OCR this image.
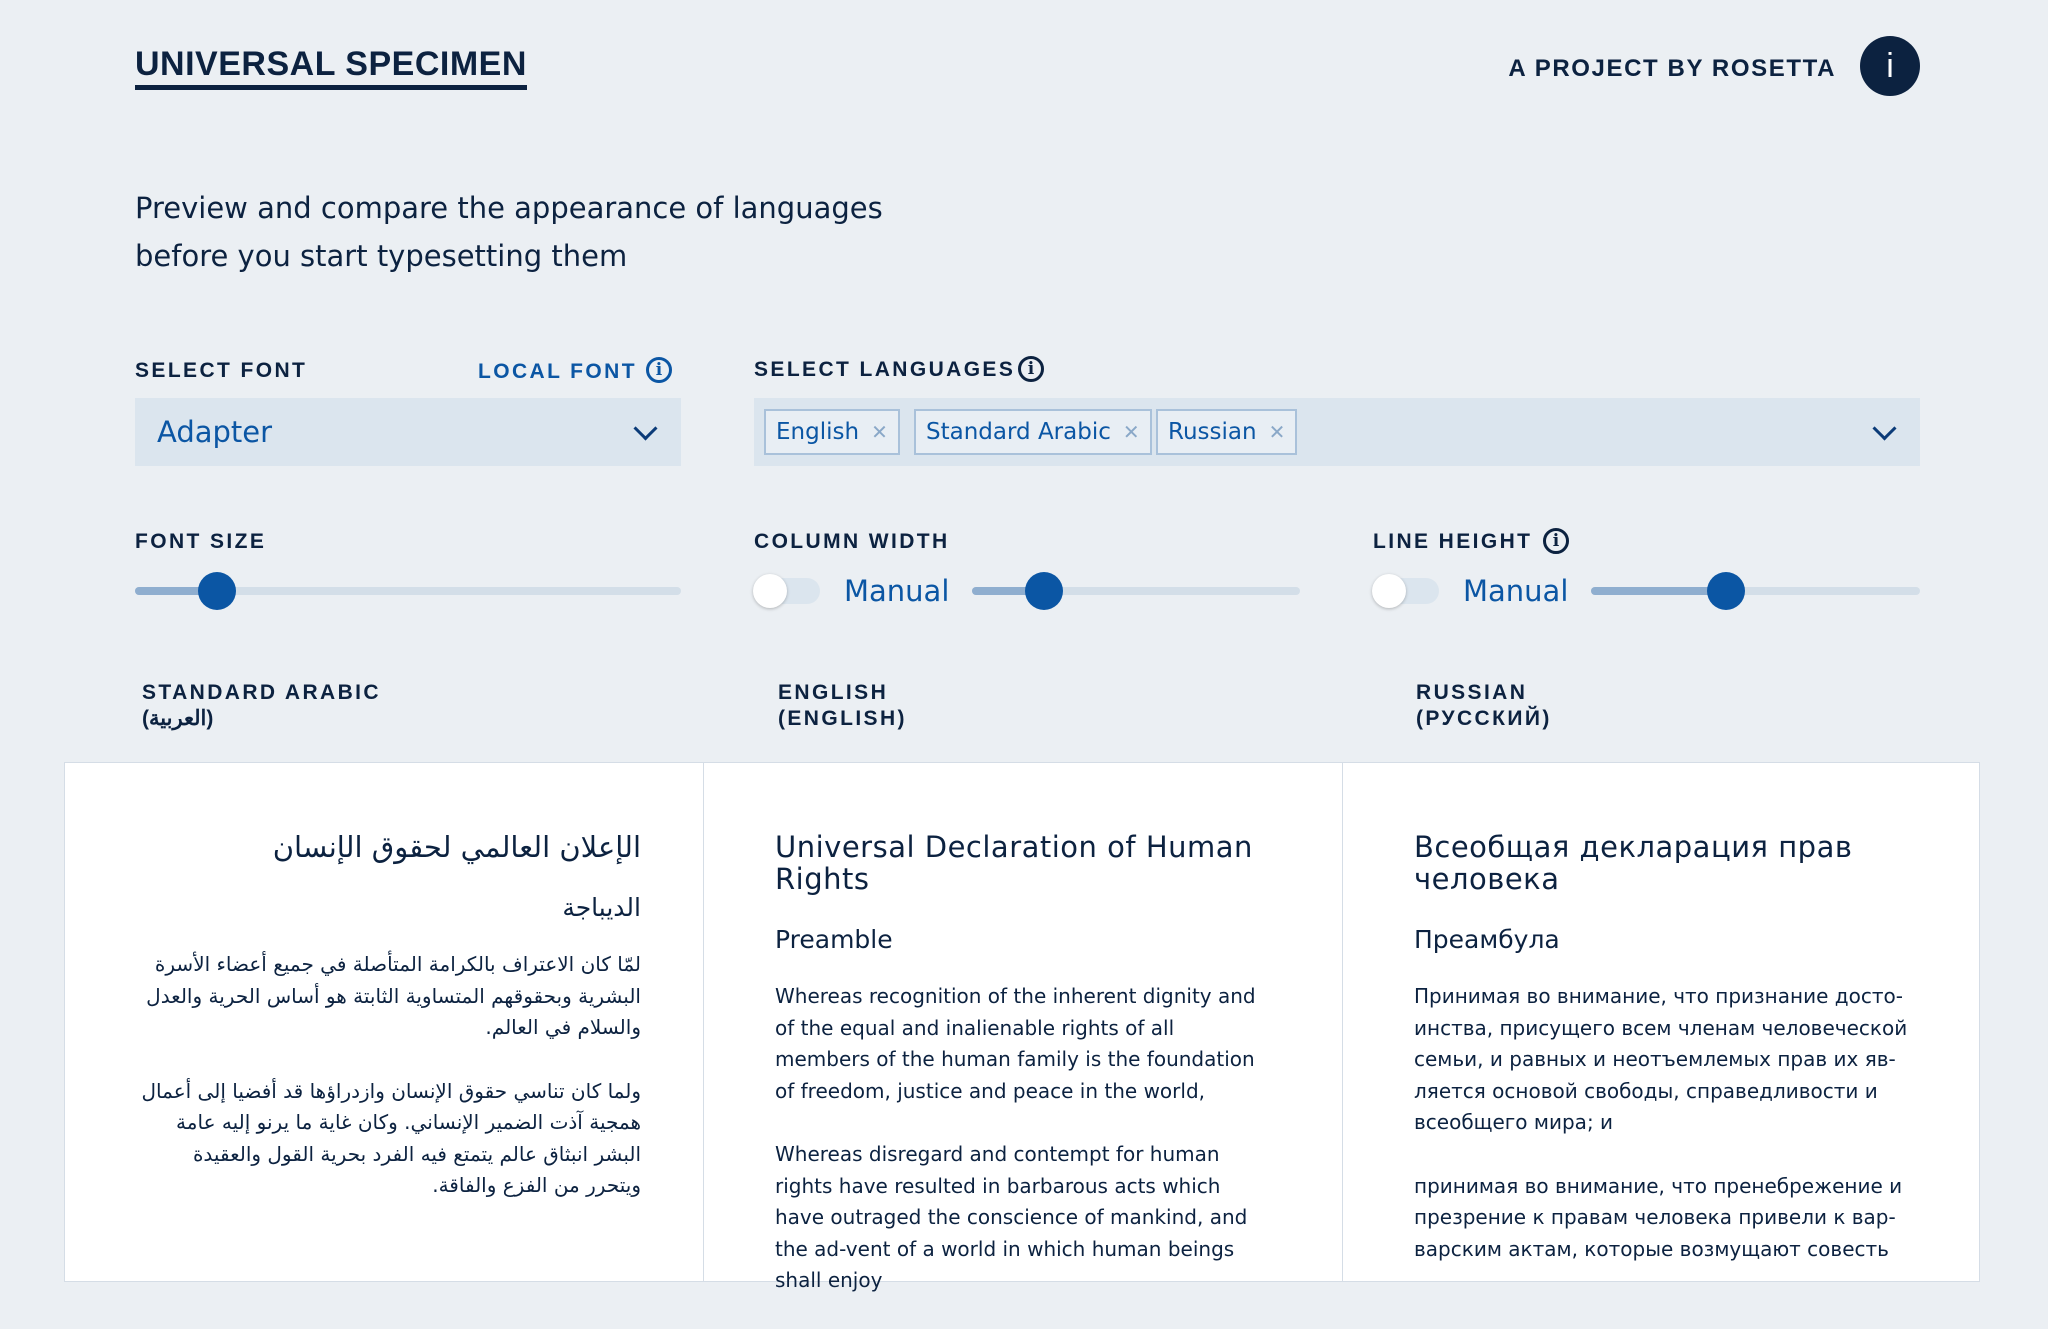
UNIVERSAL SPECIMEN	A PROJECT BY ROSETTA i
Preview and compare the appearance of languages
before you start typesetting them
SELECT FONT	LOCAL FONT	i
Adapter
SELECT LANGUAGES i
English ✕ Standard Arabic ✕ Russian ✕
FONT SIZE	COLUMN WIDTH
Manual
LINE HEIGHT	i
Manual
STANDARD ARABIC
(العربية)
ENGLISH
(ENGLISH)
RUSSIAN
(РУССКИЙ)
الإعلان العالمي لحقوق الإنسان
الديباجة

لمّا كان الاعتراف بالكرامة المتأصلة في جميع أعضاء الأسرة البشرية وبحقوقهم المتساوية الثابتة هو أساس الحرية والعدل والسلام في العالم.

ولما كان تناسي حقوق الإنسان وازدراؤها قد أفضيا إلى أعمال همجية آذت الضمير الإنساني. وكان غاية ما يرنو إليه عامة البشر انبثاق عالم يتمتع فيه الفرد بحرية القول والعقيدة ويتحرر من الفزع والفاقة.

Universal Declaration of Human Rights
Preamble

Whereas recognition of the inherent dignity and of the equal and inalienable rights of all members of the human family is the foundation of freedom, justice and peace in the world,

Whereas disregard and contempt for human rights have resulted in barbarous acts which have outraged the conscience of mankind, and the ad-vent of a world in which human beings shall enjoy

Всеобщая декларация прав человека
Преамбула

Принимая во внимание, что признание досто-инства, присущего всем членам человеческой семьи, и равных и неотъемлемых прав их яв-ляется основой свободы, справедливости и всеобщего мира; и

принимая во внимание, что пренебрежение и презрение к правам человека привели к вар-варским актам, которые возмущают совесть
